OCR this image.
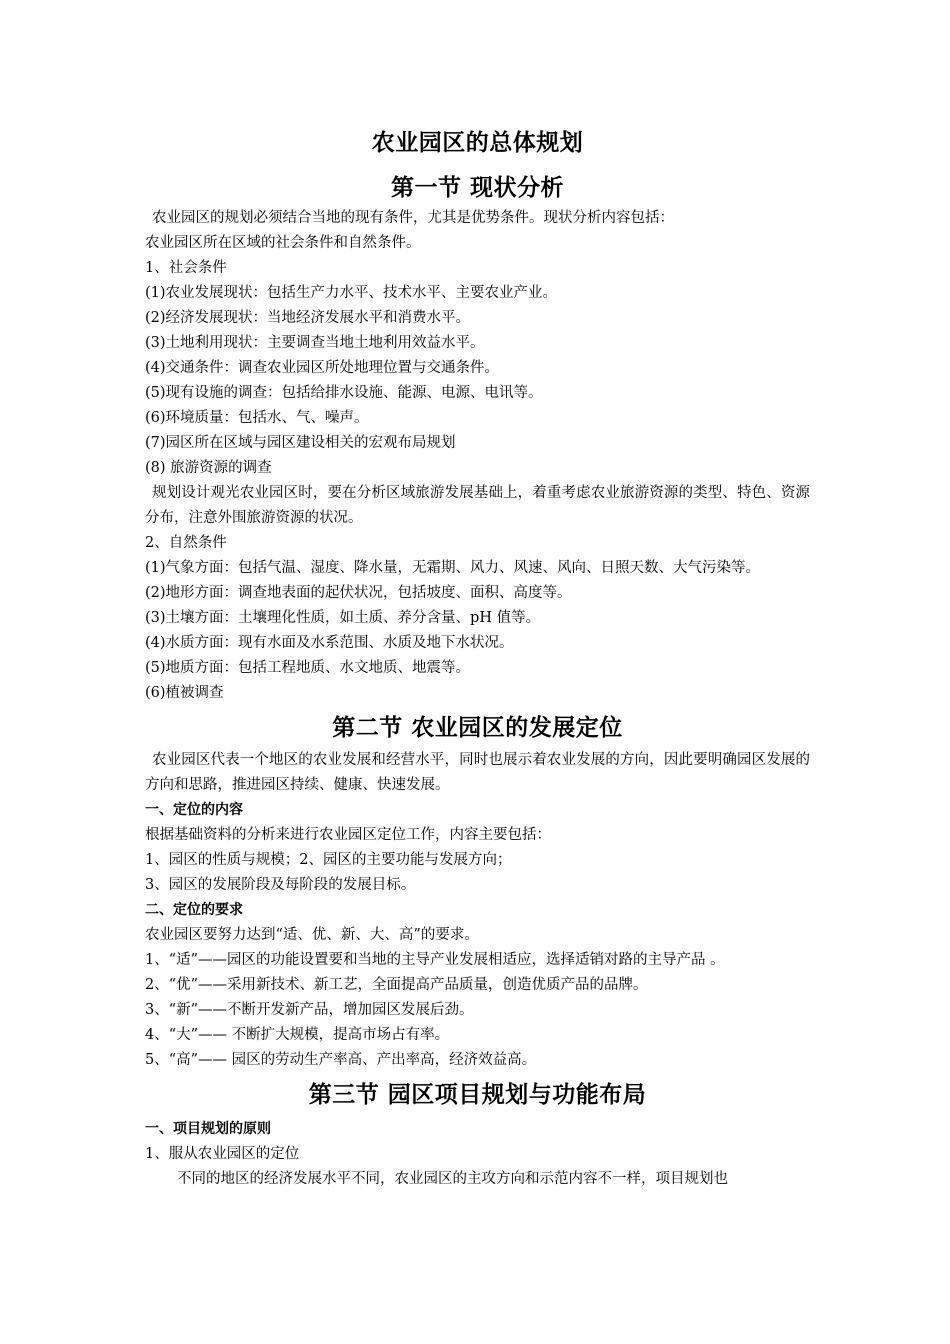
农业园区的总体规划
第一节 现状分析

农业园区的规划必须结合当地的现有条件，尤其是优势条件。现状分析内容包括：

农业园区所在区域的社会条件和自然条件。

1、社会条件

(1)农业发展现状：包括生产力水平、技术水平、主要农业产业。

(2)经济发展现状：当地经济发展水平和消费水平。

(3)土地利用现状：主要调查当地土地利用效益水平。

(4)交通条件：调查农业园区所处地理位置与交通条件。

(5)现有设施的调查：包括给排水设施、能源、电源、电讯等。

(6)环境质量：包括水、气、噪声。

(7)园区所在区域与园区建设相关的宏观布局规划

(8) 旅游资源的调查

规划设计观光农业园区时，要在分析区域旅游发展基础上，着重考虑农业旅游资源的类型、特色、资源分布，注意外围旅游资源的状况。

2、自然条件

(1)气象方面：包括气温、湿度、降水量，无霜期、风力、风速、风向、日照天数、大气污染等。

(2)地形方面：调查地表面的起伏状况，包括坡度、面积、高度等。

(3)土壤方面：土壤理化性质，如土质、养分含量、pH 值等。

(4)水质方面：现有水面及水系范围、水质及地下水状况。

(5)地质方面：包括工程地质、水文地质、地震等。

(6)植被调查

第二节 农业园区的发展定位

农业园区代表一个地区的农业发展和经营水平，同时也展示着农业发展的方向，因此要明确园区发展的方向和思路，推进园区持续、健康、快速发展。

一、定位的内容

根据基础资料的分析来进行农业园区定位工作，内容主要包括：

1、园区的性质与规模；2、园区的主要功能与发展方向；

3、园区的发展阶段及每阶段的发展目标。

二、定位的要求

农业园区要努力达到“适、优、新、大、高”的要求。

1、“适”——园区的功能设置要和当地的主导产业发展相适应，选择适销对路的主导产品 。

2、“优”——采用新技术、新工艺，全面提高产品质量，创造优质产品的品牌。

3、“新”——不断开发新产品，增加园区发展后劲。

4、“大”—— 不断扩大规模，提高市场占有率。

5、“高”—— 园区的劳动生产率高、产出率高，经济效益高。

第三节 园区项目规划与功能布局

一、项目规划的原则

1、服从农业园区的定位

不同的地区的经济发展水平不同，农业园区的主攻方向和示范内容不一样，项目规划也
